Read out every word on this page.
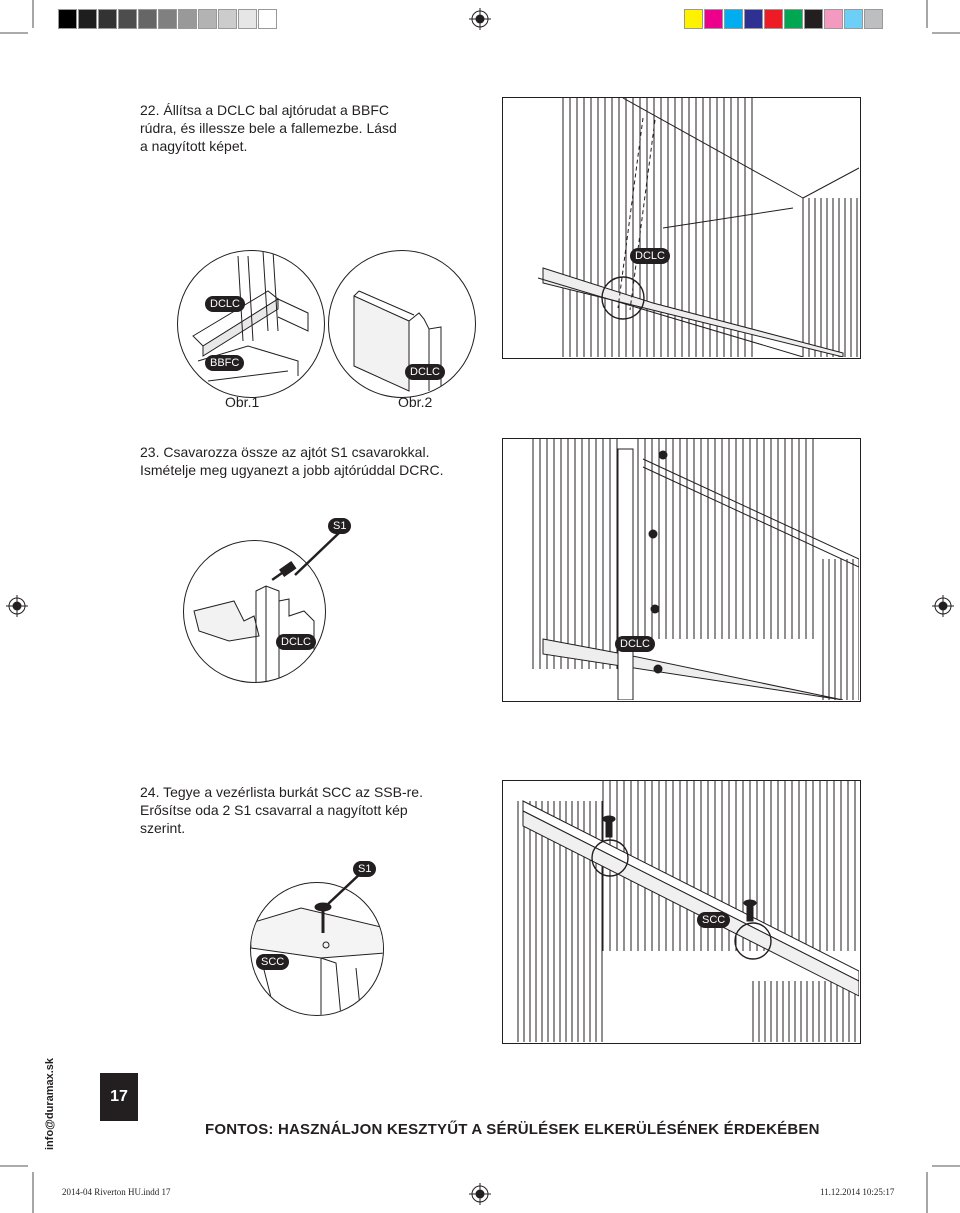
22. Állítsa a DCLC bal ajtórudat a BBFC rúdra, és illessze bele a fallemezbe. Lásd a nagyított képet.
DCLC
BBFC
DCLC
Obr.1	Obr.2
DCLC
23. Csavarozza össze az ajtót S1 csavarokkal. Ismételje meg ugyanezt a jobb ajtórúddal DCRC.
S1
DCLC	DCLC
24. Tegye a vezérlista burkát SCC az SSB-re. Erősítse oda 2 S1 csavarral a nagyított kép szerint.
S1
SCC
SCC
info@duramax.sk	17
FONTOS: HASZNÁLJON KESZTYŰT A SÉRÜLÉSEK ELKERÜLÉSÉNEK ÉRDEKÉBEN
2014-04 Riverton HU.indd 17	11.12.2014 10:25:17
